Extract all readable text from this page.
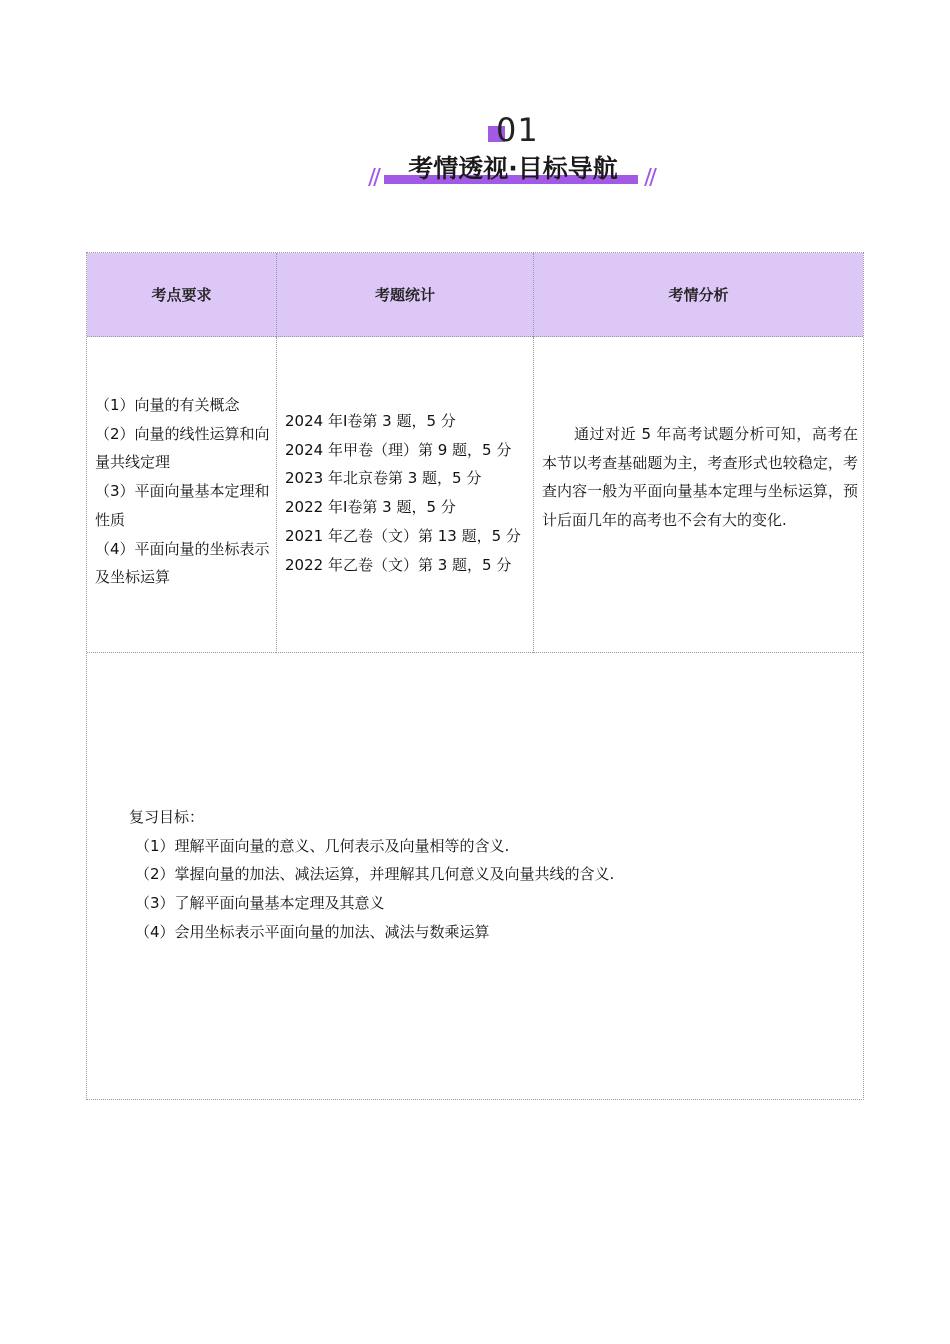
01
考情透视·目标导航
考点要求	考题统计	考情分析
（1）向量的有关概念
（2）向量的线性运算和向量共线定理
（3）平面向量基本定理和性质
（4）平面向量的坐标表示及坐标运算
2024 年Ⅰ卷第 3 题，5 分
2024 年甲卷（理）第 9 题，5 分
2023 年北京卷第 3 题，5 分
2022 年Ⅰ卷第 3 题，5 分
2021 年乙卷（文）第 13 题，5 分
2022 年乙卷（文）第 3 题，5 分
通过对近 5 年高考试题分析可知，高考在本节以考查基础题为主，考查形式也较稳定，考查内容一般为平面向量基本定理与坐标运算，预计后面几年的高考也不会有大的变化.
复习目标：
（1）理解平面向量的意义、几何表示及向量相等的含义.
（2）掌握向量的加法、减法运算，并理解其几何意义及向量共线的含义.
（3）了解平面向量基本定理及其意义
（4）会用坐标表示平面向量的加法、减法与数乘运算
